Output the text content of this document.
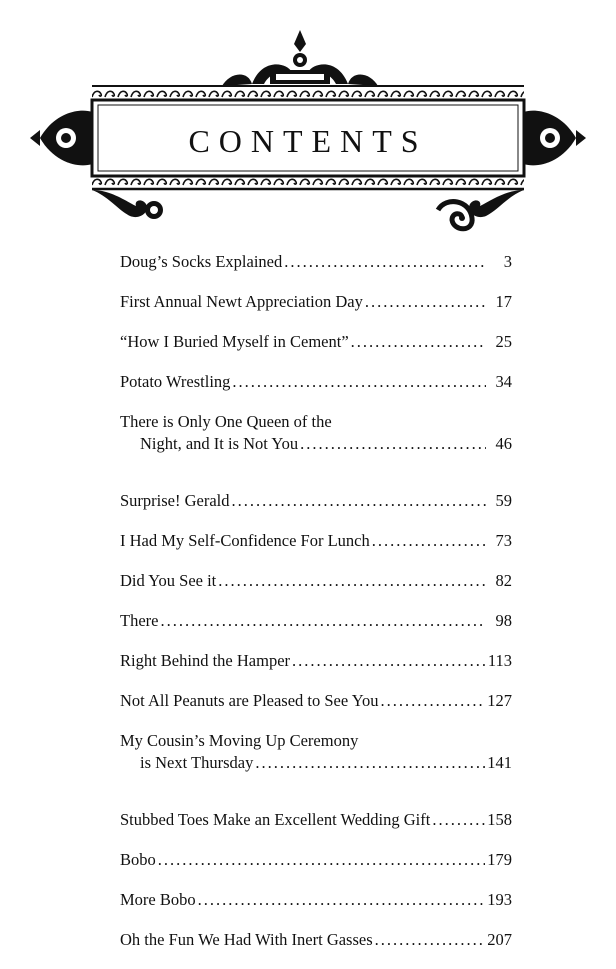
CONTENTS
Doug’s Socks Explained .....	3
First Annual Newt Appreciation Day .....	17
“How I Buried Myself in Cement” .....	25
Potato Wrestling .....	34
There is Only One Queen of the
Night, and It is Not You .....	46
Surprise! Gerald .....	59
I Had My Self-Confidence For Lunch .....	73
Did You See it .....	82
There .....	98
Right Behind the Hamper .....	113
Not All Peanuts are Pleased to See You .....	127
My Cousin’s Moving Up Ceremony
is Next Thursday .....	141
Stubbed Toes Make an Excellent Wedding Gift .....	158
Bobo .....	179
More Bobo .....	193
Oh the Fun We Had With Inert Gasses .....	207
